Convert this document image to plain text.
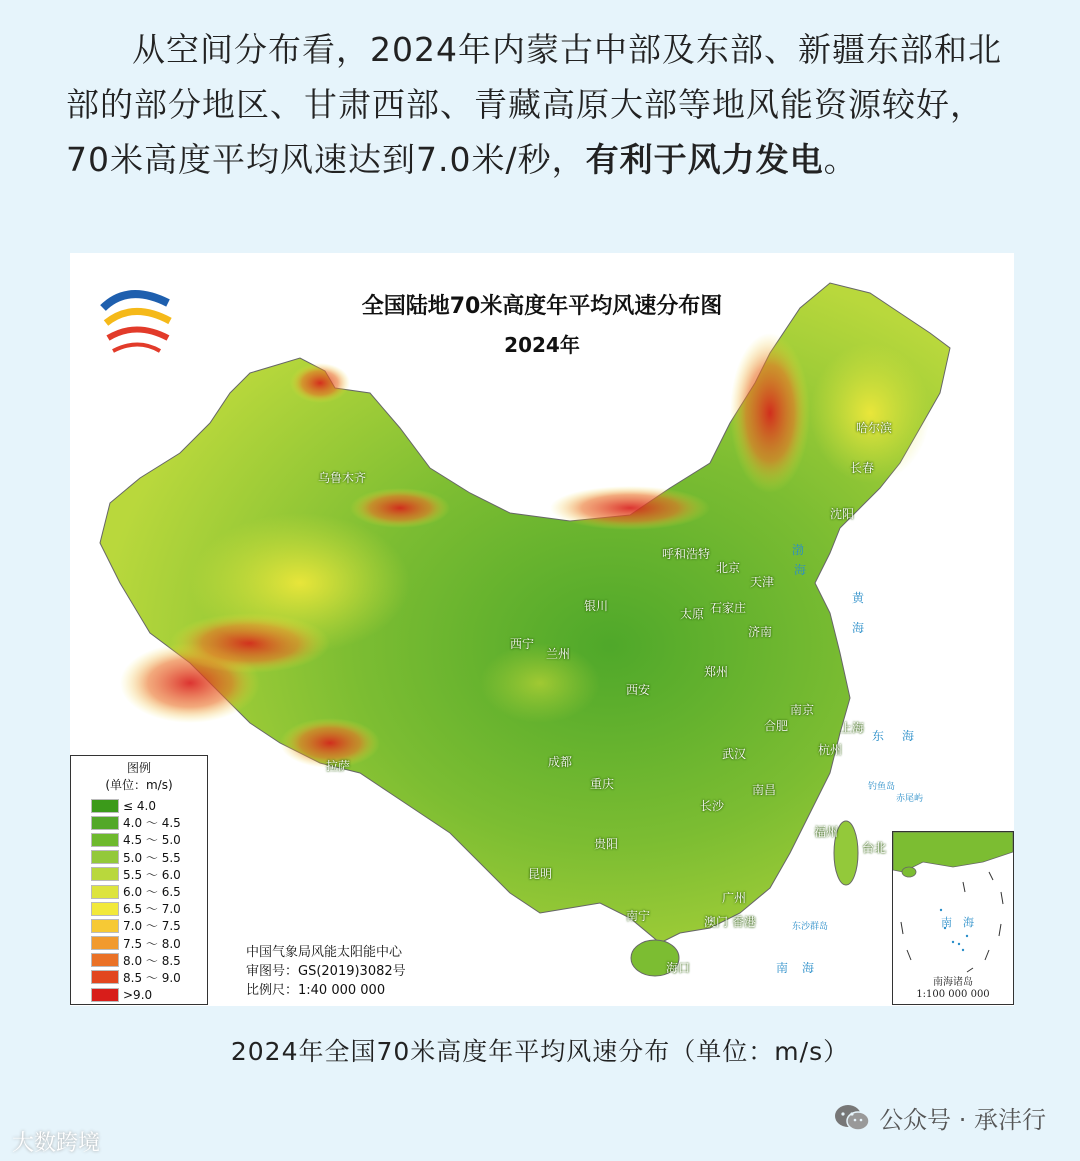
从空间分布看，2024年内蒙古中部及东部、新疆东部和北部的部分地区、甘肃西部、青藏高原大部等地风能资源较好，70米高度平均风速达到7.0米/秒，有利于风力发电。
全国陆地70米高度年平均风速分布图
2024年
哈尔滨
长春
沈阳
乌鲁木齐
呼和浩特
北京
天津
银川
太原 石家庄
济南
西宁
兰州
郑州
西安
南京
合肥	上海
杭州
拉萨	成都
重庆
武汉
南昌
长沙
福州
台北
贵阳
昆明
广州
南宁	澳门 香港
海口
渤
海
黄
海
东 海
南 海
钓鱼岛
赤尾屿
东沙群岛
图例
(单位：m/s)
≤ 4.0
4.0 ～ 4.5
4.5 ～ 5.0
5.0 ～ 5.5
5.5 ～ 6.0
6.0 ～ 6.5
6.5 ～ 7.0
7.0 ～ 7.5
7.5 ～ 8.0
8.0 ～ 8.5
8.5 ～ 9.0
>9.0
中国气象局风能太阳能中心
审图号：GS(2019)3082号
比例尺：1:40 000 000
南　海
南海诸岛
1:100 000 000
2024年全国70米高度年平均风速分布（单位：m/s）
大数跨境
公众号 · 承沣行
